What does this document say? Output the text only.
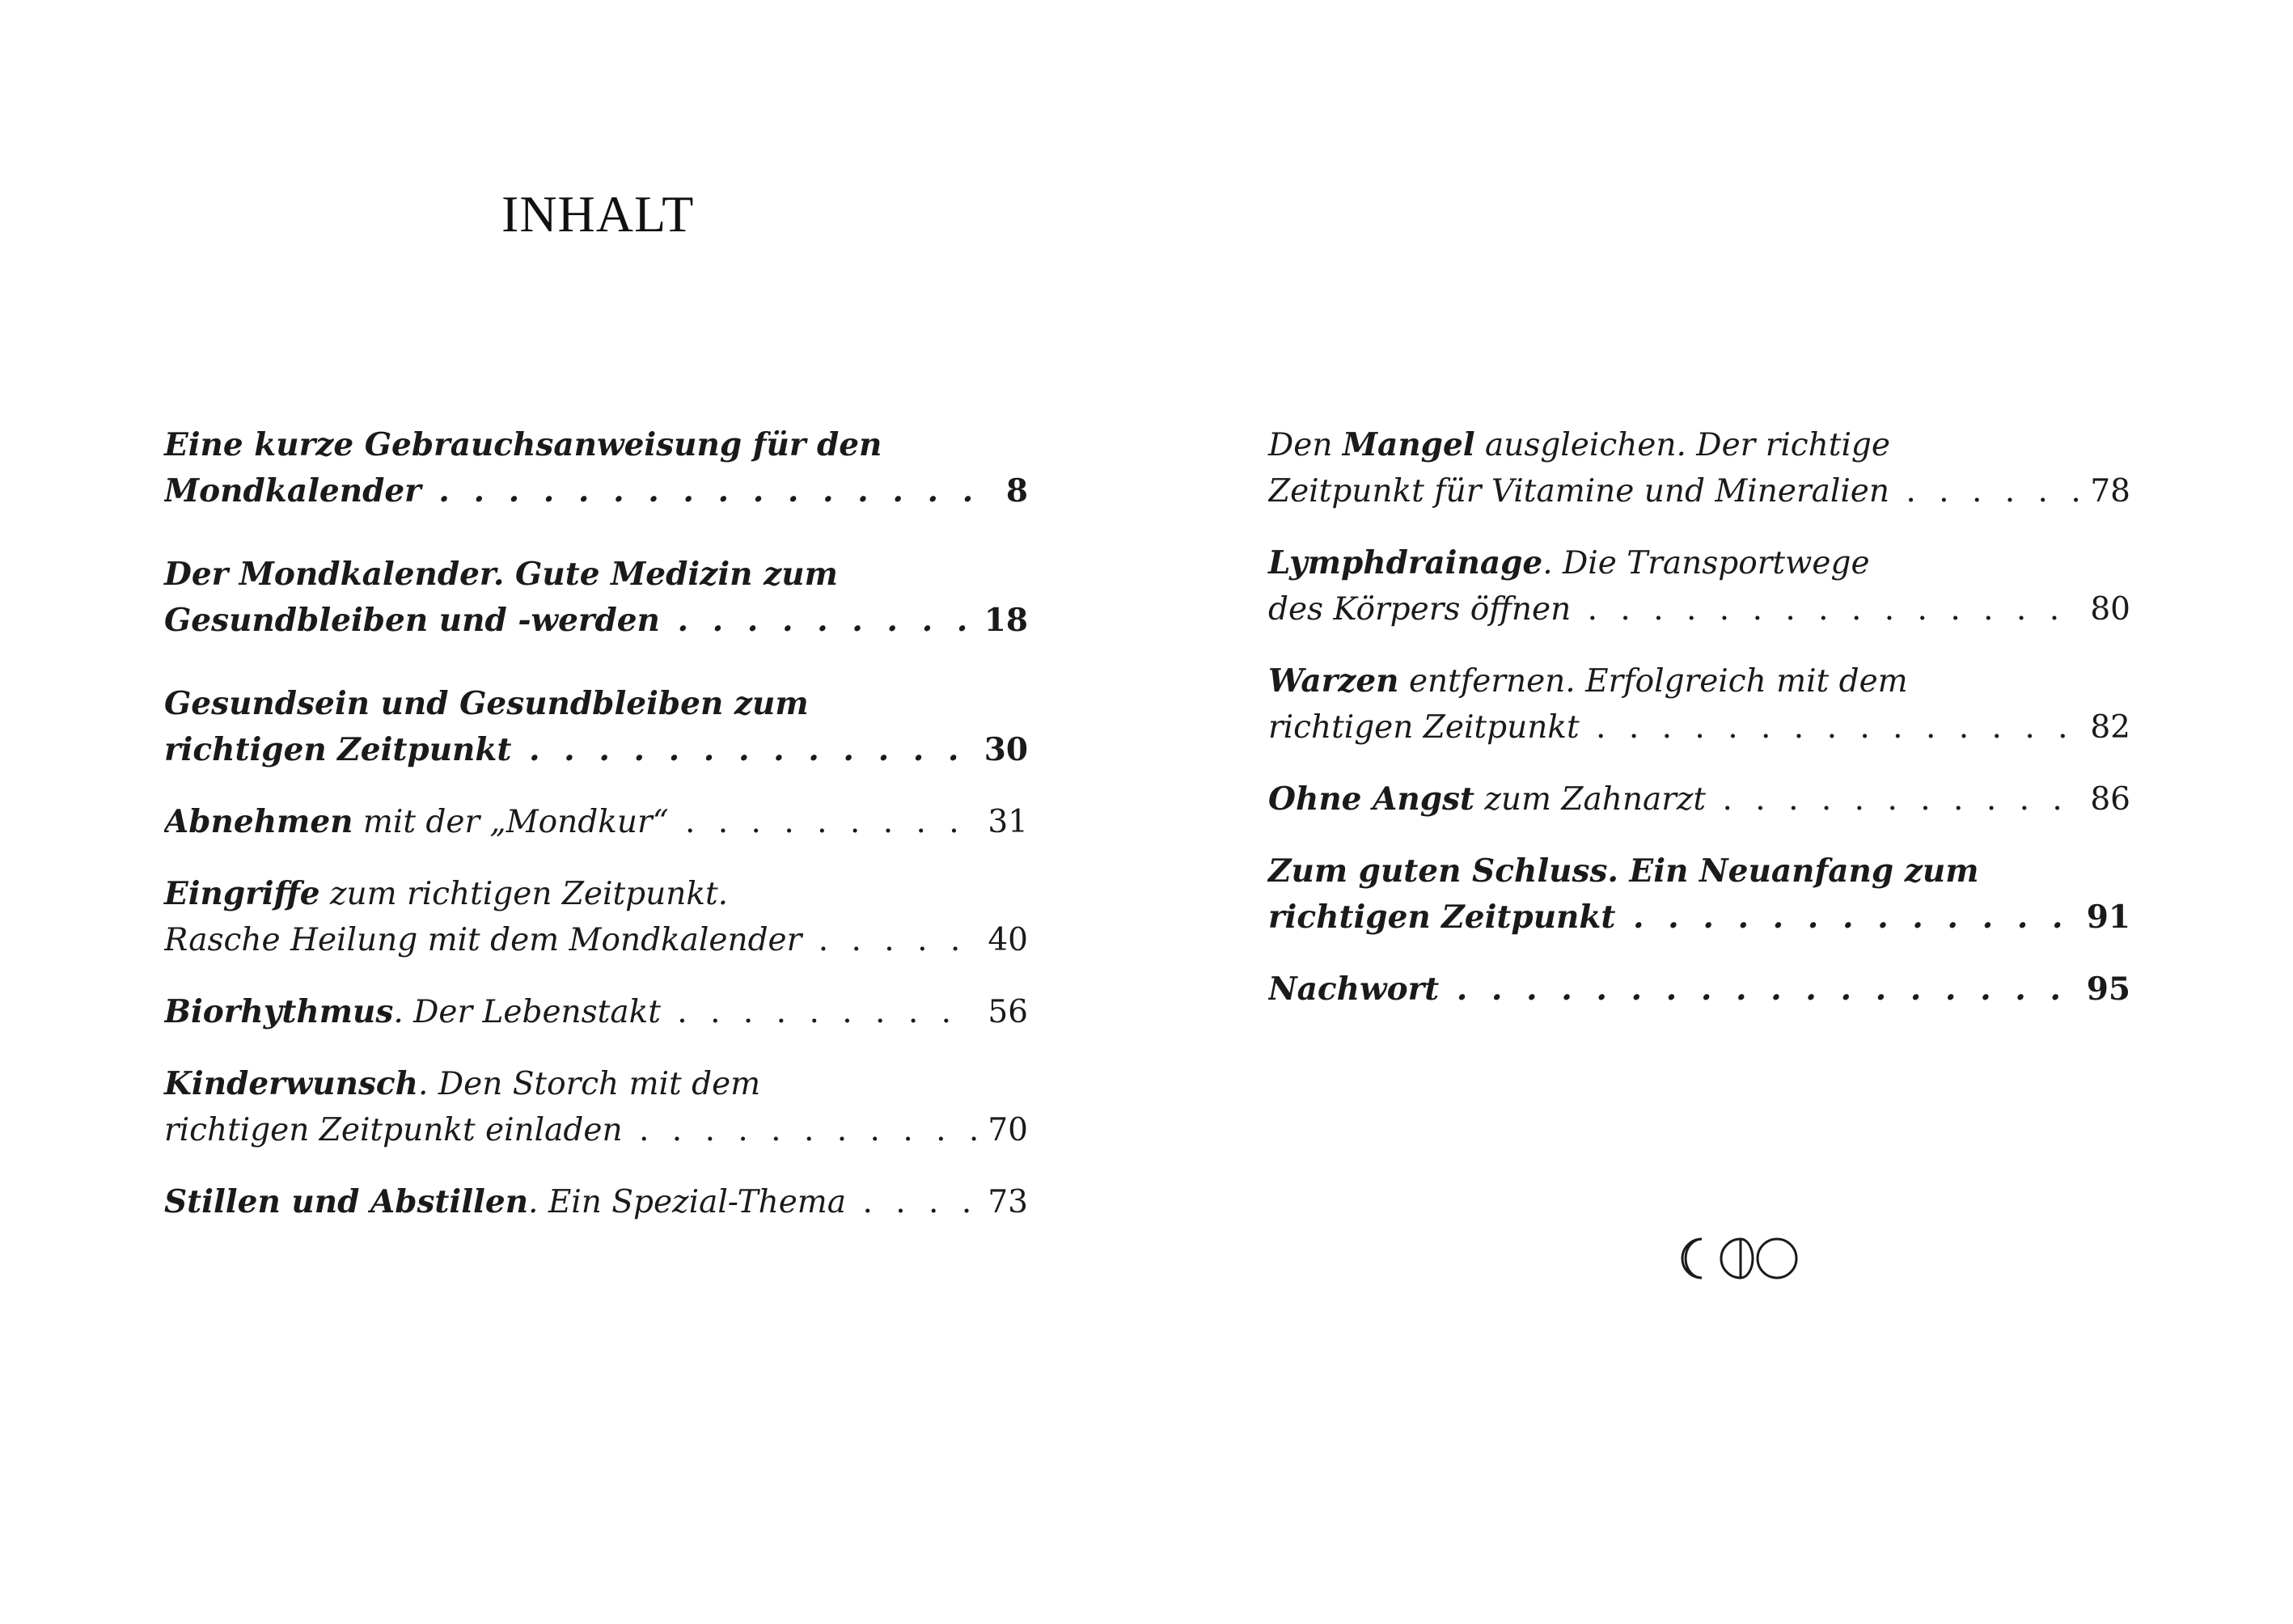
INHALT
Eine kurze Gebrauchsanweisung für den
Mondkalender . . .	8
Der Mondkalender. Gute Medizin zum
Gesundbleiben und -werden . . .	18
Gesundsein und Gesundbleiben zum
richtigen Zeitpunkt . . .	30
Abnehmen mit der „Mondkur“ . . .	31
Eingriffe zum richtigen Zeitpunkt.
Rasche Heilung mit dem Mondkalender . . .	40
Biorhythmus. Der Lebenstakt . . .	56
Kinderwunsch. Den Storch mit dem
richtigen Zeitpunkt einladen . . .	70
Stillen und Abstillen. Ein Spezial-Thema . . .	73
Den Mangel ausgleichen. Der richtige
Zeitpunkt für Vitamine und Mineralien . . .	78
Lymphdrainage. Die Transportwege
des Körpers öffnen . . .	80
Warzen entfernen. Erfolgreich mit dem
richtigen Zeitpunkt . . .	82
Ohne Angst zum Zahnarzt . . .	86
Zum guten Schluss. Ein Neuanfang zum
richtigen Zeitpunkt . . .	91
Nachwort . . .	95
